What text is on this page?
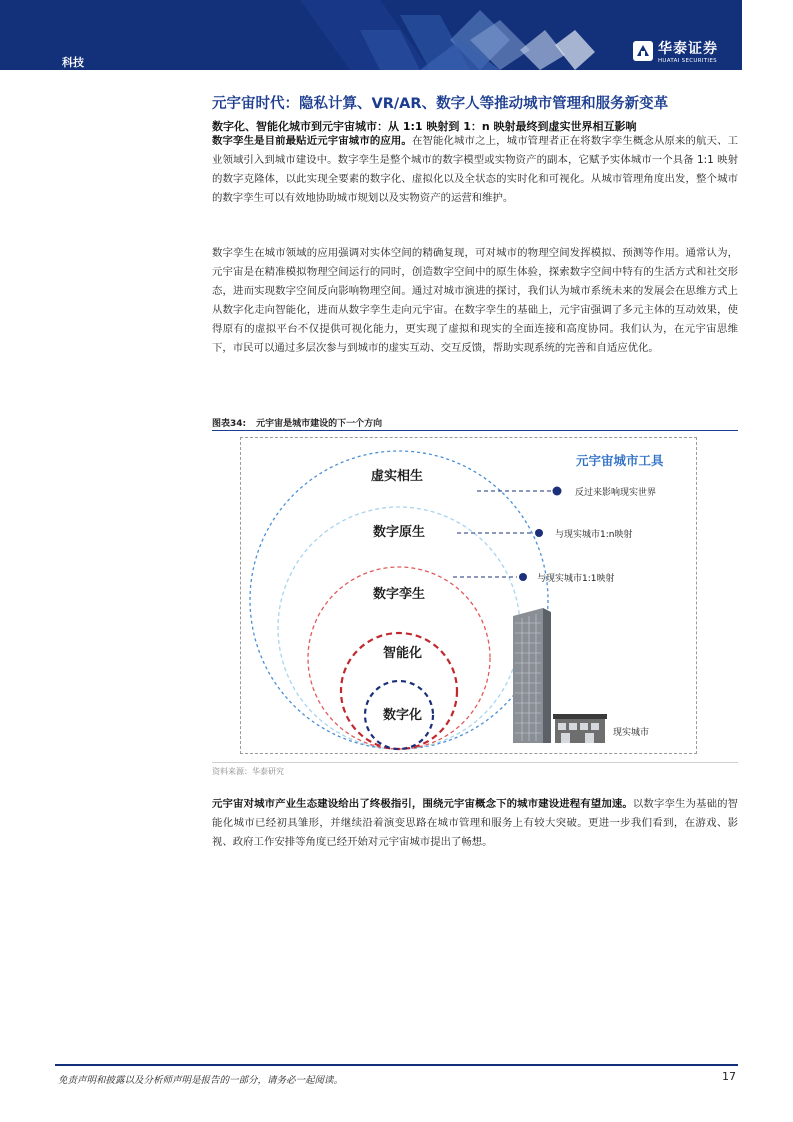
科技
华泰证券
HUATAI SECURITIES
元宇宙时代：隐私计算、VR/AR、数字人等推动城市管理和服务新变革
数字化、智能化城市到元宇宙城市：从 1:1 映射到 1：n 映射最终到虚实世界相互影响
数字孪生是目前最贴近元宇宙城市的应用。在智能化城市之上，城市管理者正在将数字孪生概念从原来的航天、工业领域引入到城市建设中。数字孪生是整个城市的数字模型或实物资产的副本，它赋予实体城市一个具备 1:1 映射的数字克隆体，以此实现全要素的数字化、虚拟化以及全状态的实时化和可视化。从城市管理角度出发，整个城市的数字孪生可以有效地协助城市规划以及实物资产的运营和维护。
数字孪生在城市领域的应用强调对实体空间的精确复现，可对城市的物理空间发挥模拟、预测等作用。通常认为，元宇宙是在精准模拟物理空间运行的同时，创造数字空间中的原生体验，探索数字空间中特有的生活方式和社交形态，进而实现数字空间反向影响物理空间。通过对城市演进的探讨，我们认为城市系统未来的发展会在思维方式上从数字化走向智能化，进而从数字孪生走向元宇宙。在数字孪生的基础上，元宇宙强调了多元主体的互动效果，使得原有的虚拟平台不仅提供可视化能力，更实现了虚拟和现实的全面连接和高度协同。我们认为，在元宇宙思维下，市民可以通过多层次参与到城市的虚实互动、交互反馈，帮助实现系统的完善和自适应优化。
图表34: 元宇宙是城市建设的下一个方向
虚实相生
数字原生
数字孪生
智能化
数字化
元宇宙城市工具
反过来影响现实世界
与现实城市1:n映射
与现实城市1:1映射
现实城市
资料来源：华泰研究
元宇宙对城市产业生态建设给出了终极指引，围绕元宇宙概念下的城市建设进程有望加速。以数字孪生为基础的智能化城市已经初具雏形，并继续沿着演变思路在城市管理和服务上有较大突破。更进一步我们看到，在游戏、影视、政府工作安排等角度已经开始对元宇宙城市提出了畅想。
免责声明和披露以及分析师声明是报告的一部分，请务必一起阅读。	17
